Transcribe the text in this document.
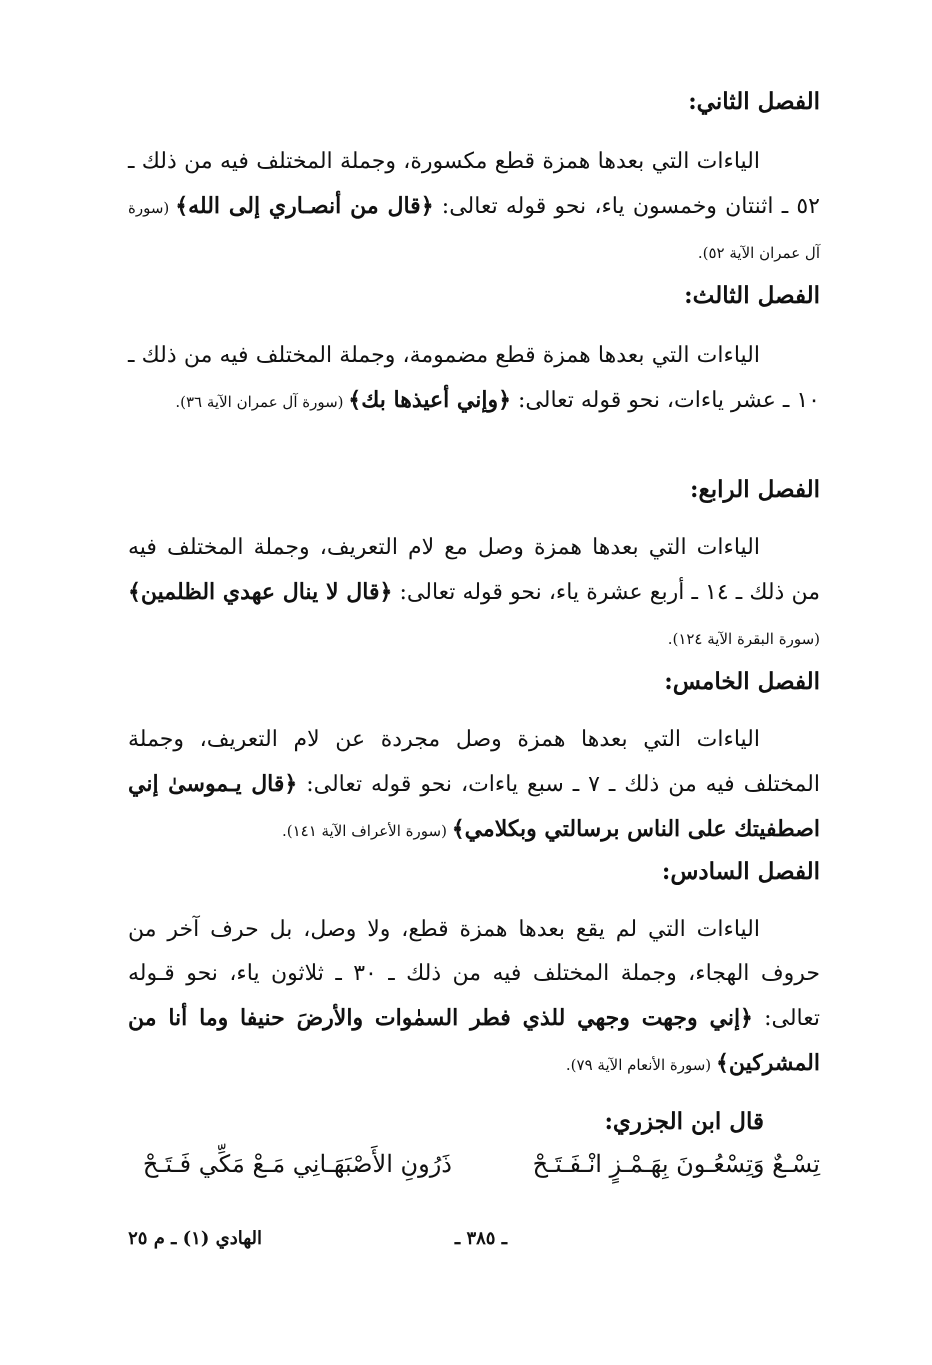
الفصل الثاني:
الياءات التي بعدها همزة قطع مكسورة، وجملة المختلف فيه من ذلك ـ ٥٢ ـ اثنتان وخمسون ياء، نحو قوله تعالى: ﴿قال من أنصـاري إلى الله﴾ (سورة آل عمران الآية ٥٢).
الفصل الثالث:
الياءات التي بعدها همزة قطع مضمومة، وجملة المختلف فيه من ذلك ـ ١٠ ـ عشر ياءات، نحو قوله تعالى: ﴿وإني أعيذها بك﴾ (سورة آل عمران الآية ٣٦).
الفصل الرابع:
الياءات التي بعدها همزة وصل مع لام التعريف، وجملة المختلف فيه من ذلك ـ ١٤ ـ أربع عشرة ياء، نحو قوله تعالى: ﴿قال لا ينال عهدي الظلمين﴾ (سورة البقرة الآية ١٢٤).
الفصل الخامس:
الياءات التي بعدها همزة وصل مجردة عن لام التعريف، وجملة المختلف فيه من ذلك ـ ٧ ـ سبع ياءات، نحو قوله تعالى: ﴿قال يـموسىٰ إني اصطفيتك على الناس برسالتي وبكلامي﴾ (سورة الأعراف الآية ١٤١).
الفصل السادس:
الياءات التي لم يقع بعدها همزة قطع، ولا وصل، بل حرف آخر من حروف الهجاء، وجملة المختلف فيه من ذلك ـ ٣٠ ـ ثلاثون ياء، نحو قـوله تعالى: ﴿إني وجهت وجهي للذي فطر السمٰوات والأرضَ حنيفا وما أنا من المشركين﴾ (سورة الأنعام الآية ٧٩).
قال ابن الجزري:
تِسْـعٌ وَتِسْعُـونَ بِهَـمْـزٍ انْـفَـتَـحْ
ذَرُونِ الأَصْبَهَـانِي مَـعْ مَكِّي فَـتَـحْ
ـ ٣٨٥ ـ
الهادي (١) ـ م ٢٥
